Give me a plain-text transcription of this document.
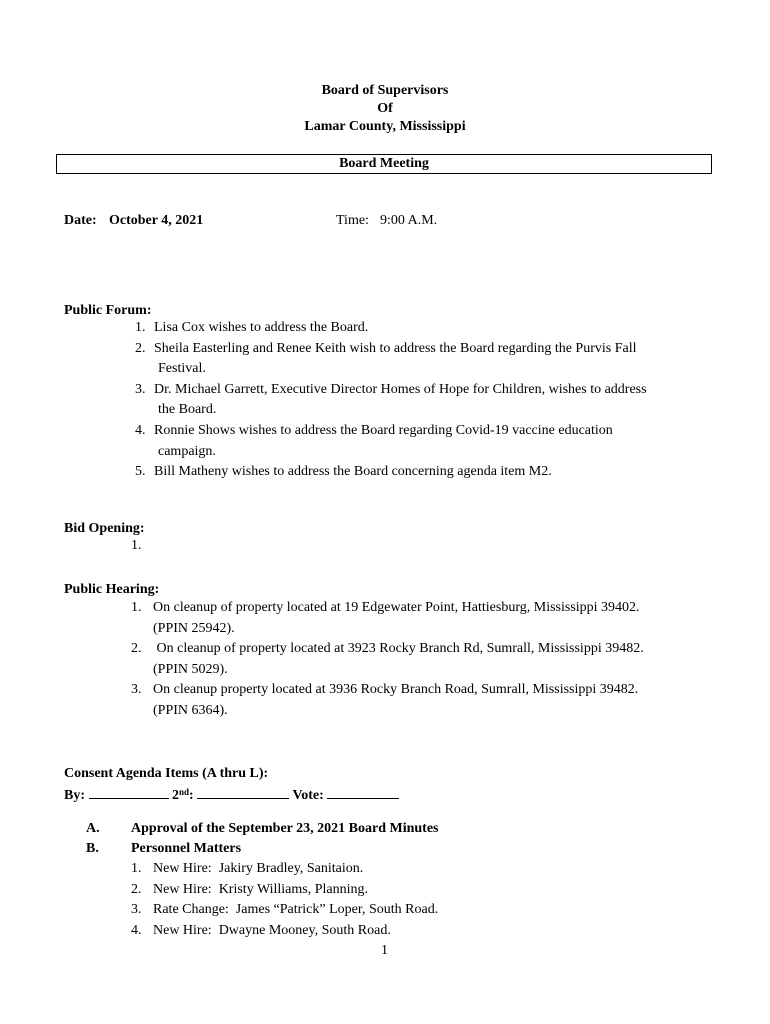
Board of Supervisors
Of
Lamar County, Mississippi
Board Meeting
Date: October 4, 2021	Time: 9:00 A.M.
Public Forum:
1. Lisa Cox wishes to address the Board.
2. Sheila Easterling and Renee Keith wish to address the Board regarding the Purvis Fall
Festival.
3. Dr. Michael Garrett, Executive Director Homes of Hope for Children, wishes to address
the Board.
4. Ronnie Shows wishes to address the Board regarding Covid-19 vaccine education
campaign.
5. Bill Matheny wishes to address the Board concerning agenda item M2.
Bid Opening:
1.
Public Hearing:
1. On cleanup of property located at 19 Edgewater Point, Hattiesburg, Mississippi 39402.
(PPIN 25942).
2. On cleanup of property located at 3923 Rocky Branch Rd, Sumrall, Mississippi 39482.
(PPIN 5029).
3. On cleanup property located at 3936 Rocky Branch Road, Sumrall, Mississippi 39482.
(PPIN 6364).
Consent Agenda Items (A thru L):
By:	2nd:	Vote:
A. Approval of the September 23, 2021 Board Minutes
B. Personnel Matters
1. New Hire:  Jakiry Bradley, Sanitaion.
2. New Hire:  Kristy Williams, Planning.
3. Rate Change:  James “Patrick” Loper, South Road.
4. New Hire:  Dwayne Mooney, South Road.
1
